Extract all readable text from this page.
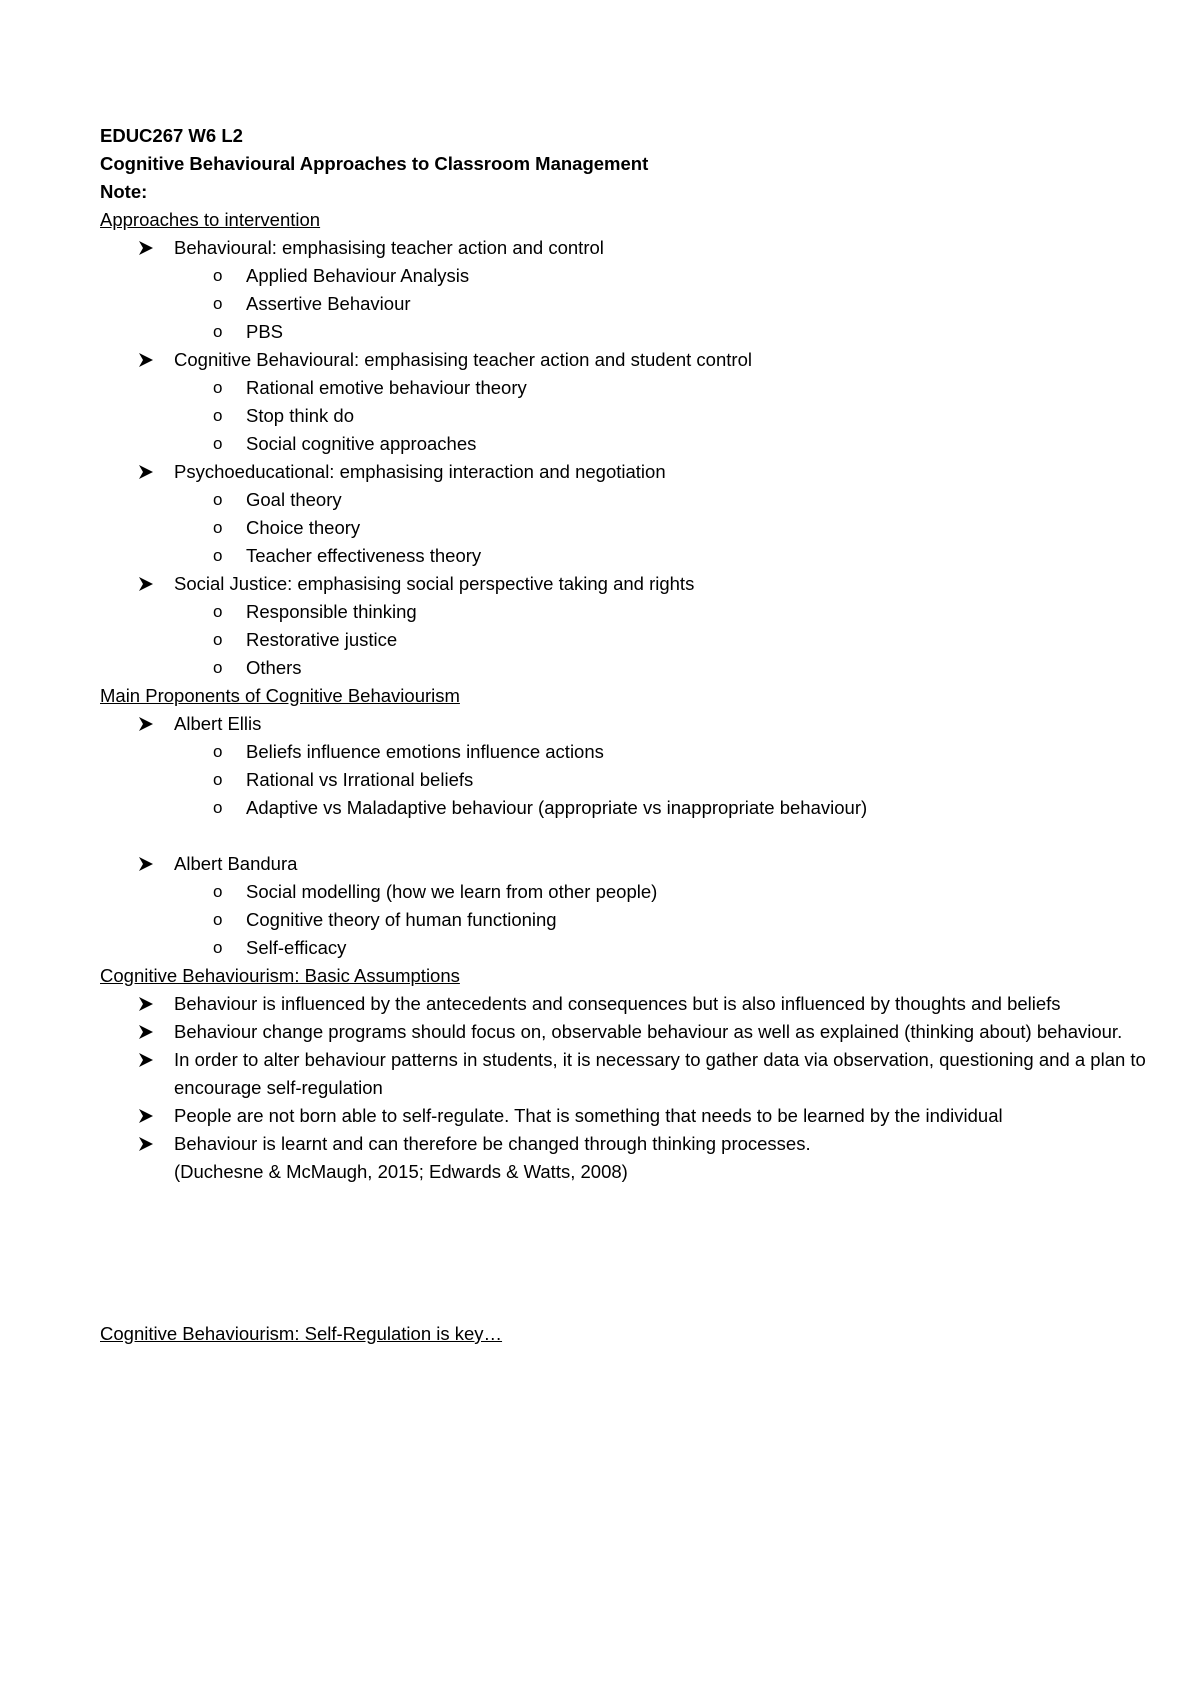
EDUC267 W6 L2

Cognitive Behavioural Approaches to Classroom Management

Note:

Approaches to intervention

Behavioural: emphasising teacher action and control
o Applied Behaviour Analysis
o Assertive Behaviour
o PBS
Cognitive Behavioural: emphasising teacher action and student control
o Rational emotive behaviour theory
o Stop think do
o Social cognitive approaches
Psychoeducational: emphasising interaction and negotiation
o Goal theory
o Choice theory
o Teacher effectiveness theory
Social Justice: emphasising social perspective taking and rights
o Responsible thinking
o Restorative justice
o Others

Main Proponents of Cognitive Behaviourism

Albert Ellis
o Beliefs influence emotions influence actions
o Rational vs Irrational beliefs
o Adaptive vs Maladaptive behaviour (appropriate vs inappropriate behaviour)
Albert Bandura
o Social modelling (how we learn from other people)
o Cognitive theory of human functioning
o Self-efficacy

Cognitive Behaviourism: Basic Assumptions

Behaviour is influenced by the antecedents and consequences but is also influenced by thoughts and beliefs
Behaviour change programs should focus on, observable behaviour as well as explained (thinking about) behaviour.
In order to alter behaviour patterns in students, it is necessary to gather data via observation, questioning and a plan to encourage self-regulation
People are not born able to self-regulate. That is something that needs to be learned by the individual
Behaviour is learnt and can therefore be changed through thinking processes.

(Duchesne & McMaugh, 2015; Edwards & Watts, 2008)

Cognitive Behaviourism: Self-Regulation is key…
